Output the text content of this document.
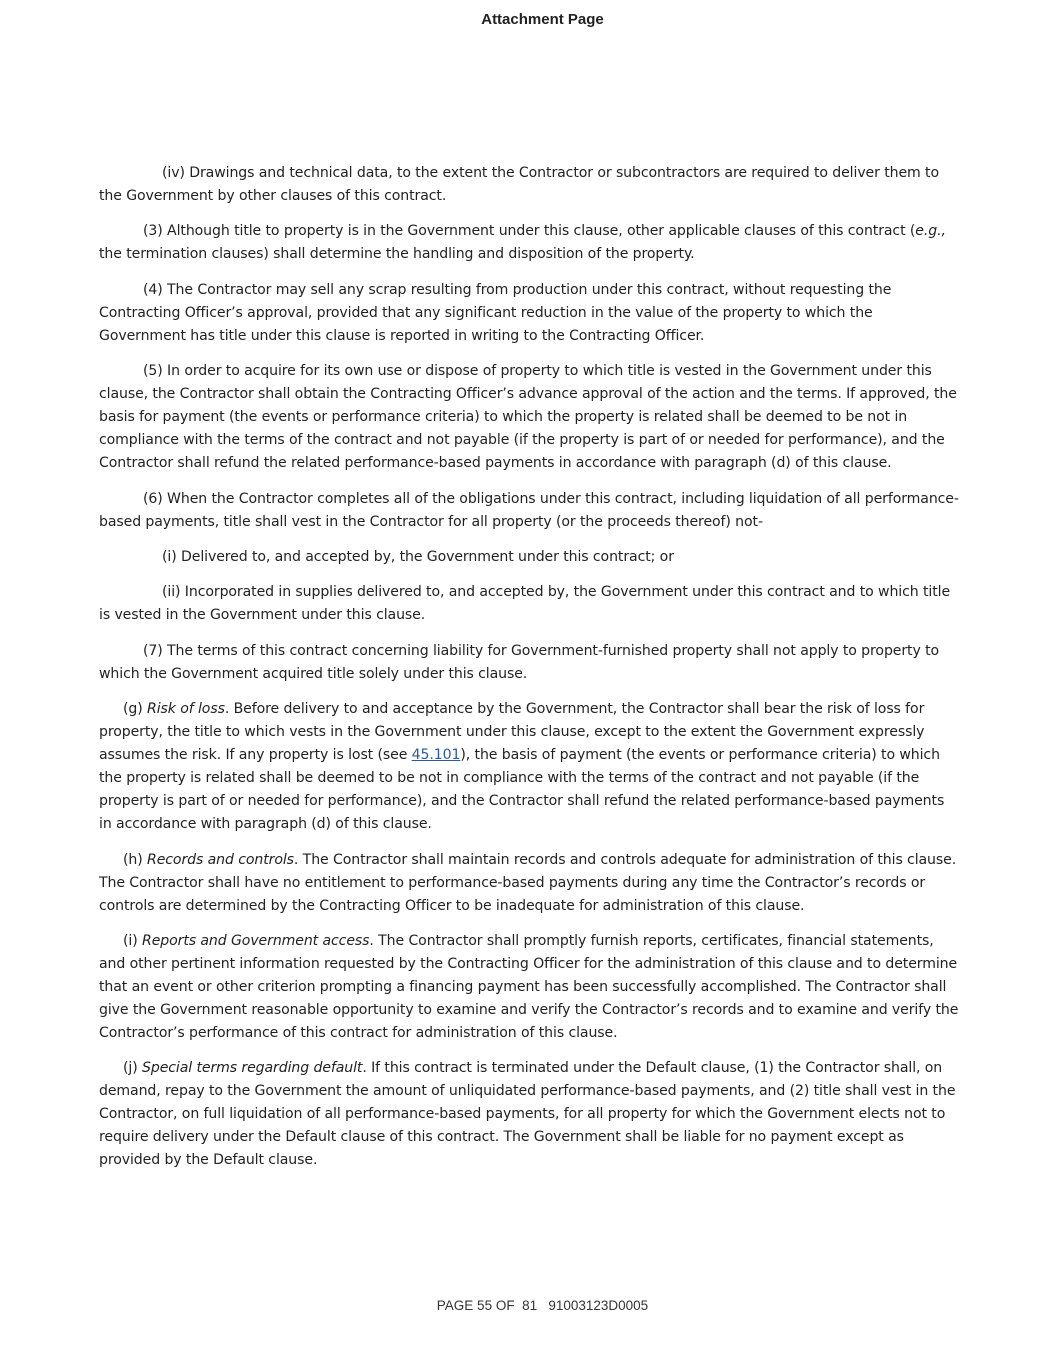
Attachment Page

(iv) Drawings and technical data, to the extent the Contractor or subcontractors are required to deliver them to the Government by other clauses of this contract.

(3) Although title to property is in the Government under this clause, other applicable clauses of this contract (e.g., the termination clauses) shall determine the handling and disposition of the property.

(4) The Contractor may sell any scrap resulting from production under this contract, without requesting the Contracting Officer’s approval, provided that any significant reduction in the value of the property to which the Government has title under this clause is reported in writing to the Contracting Officer.

(5) In order to acquire for its own use or dispose of property to which title is vested in the Government under this clause, the Contractor shall obtain the Contracting Officer’s advance approval of the action and the terms. If approved, the basis for payment (the events or performance criteria) to which the property is related shall be deemed to be not in compliance with the terms of the contract and not payable (if the property is part of or needed for performance), and the Contractor shall refund the related performance-based payments in accordance with paragraph (d) of this clause.

(6) When the Contractor completes all of the obligations under this contract, including liquidation of all performance-based payments, title shall vest in the Contractor for all property (or the proceeds thereof) not-

(i) Delivered to, and accepted by, the Government under this contract; or

(ii) Incorporated in supplies delivered to, and accepted by, the Government under this contract and to which title is vested in the Government under this clause.

(7) The terms of this contract concerning liability for Government-furnished property shall not apply to property to which the Government acquired title solely under this clause.

(g) Risk of loss. Before delivery to and acceptance by the Government, the Contractor shall bear the risk of loss for property, the title to which vests in the Government under this clause, except to the extent the Government expressly assumes the risk. If any property is lost (see 45.101), the basis of payment (the events or performance criteria) to which the property is related shall be deemed to be not in compliance with the terms of the contract and not payable (if the property is part of or needed for performance), and the Contractor shall refund the related performance-based payments in accordance with paragraph (d) of this clause.

(h) Records and controls. The Contractor shall maintain records and controls adequate for administration of this clause. The Contractor shall have no entitlement to performance-based payments during any time the Contractor’s records or controls are determined by the Contracting Officer to be inadequate for administration of this clause.

(i) Reports and Government access. The Contractor shall promptly furnish reports, certificates, financial statements, and other pertinent information requested by the Contracting Officer for the administration of this clause and to determine that an event or other criterion prompting a financing payment has been successfully accomplished. The Contractor shall give the Government reasonable opportunity to examine and verify the Contractor’s records and to examine and verify the Contractor’s performance of this contract for administration of this clause.

(j) Special terms regarding default. If this contract is terminated under the Default clause, (1) the Contractor shall, on demand, repay to the Government the amount of unliquidated performance-based payments, and (2) title shall vest in the Contractor, on full liquidation of all performance-based payments, for all property for which the Government elects not to require delivery under the Default clause of this contract. The Government shall be liable for no payment except as provided by the Default clause.

PAGE 55 OF  81   91003123D0005
